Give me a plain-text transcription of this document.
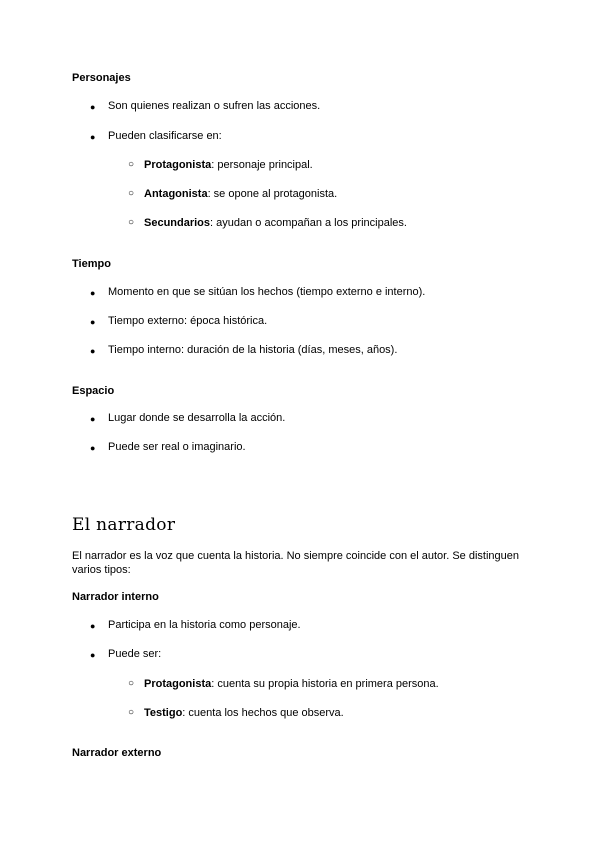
Personajes
● Son quienes realizan o sufren las acciones.
● Pueden clasificarse en:
○ Protagonista: personaje principal.
○ Antagonista: se opone al protagonista.
○ Secundarios: ayudan o acompañan a los principales.
Tiempo
● Momento en que se sitúan los hechos (tiempo externo e interno).
● Tiempo externo: época histórica.
● Tiempo interno: duración de la historia (días, meses, años).
Espacio
● Lugar donde se desarrolla la acción.
● Puede ser real o imaginario.
El narrador
El narrador es la voz que cuenta la historia. No siempre coincide con el autor. Se distinguen
varios tipos:
Narrador interno
● Participa en la historia como personaje.
● Puede ser:
○ Protagonista: cuenta su propia historia en primera persona.
○ Testigo: cuenta los hechos que observa.
Narrador externo
